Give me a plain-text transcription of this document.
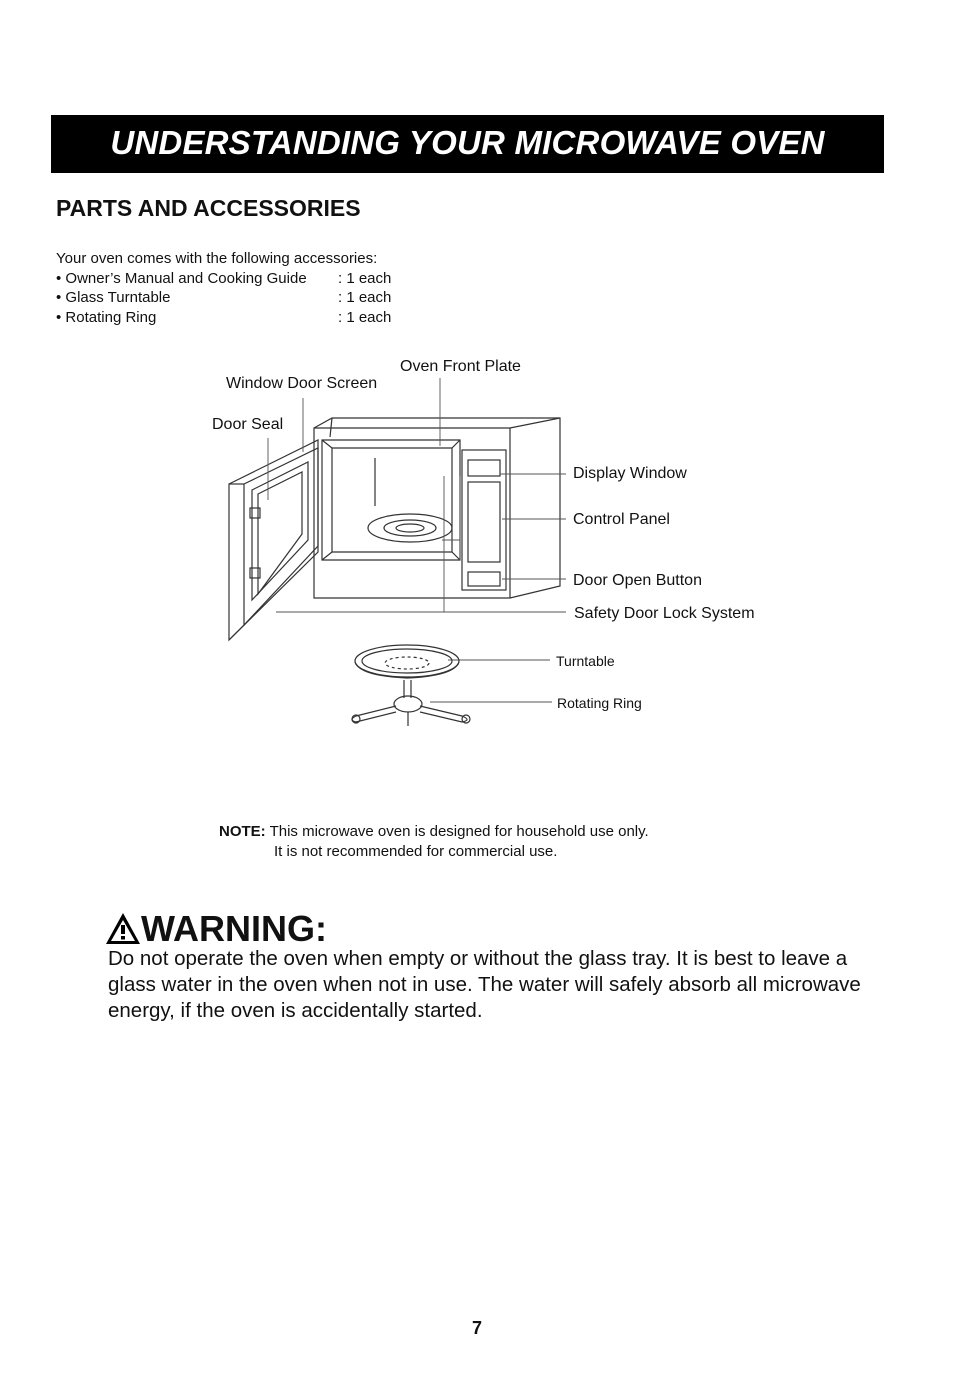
UNDERSTANDING YOUR MICROWAVE OVEN
PARTS AND ACCESSORIES
Your oven comes with the following accessories:
• Owner’s Manual and Cooking Guide : 1 each
• Glass Turntable	: 1 each
• Rotating Ring	: 1 each
Oven Front Plate
Window Door Screen
Door Seal
Display Window
Control Panel
Door Open Button
Safety Door Lock System
Turntable
Rotating Ring
NOTE: This microwave oven is designed for household use only.
It is not recommended for commercial use.
WARNING:
Do not operate the oven when empty or without the glass tray. It is best to leave a glass water in the oven when not in use. The water will safely absorb all microwave energy, if the oven is accidentally started.
7
